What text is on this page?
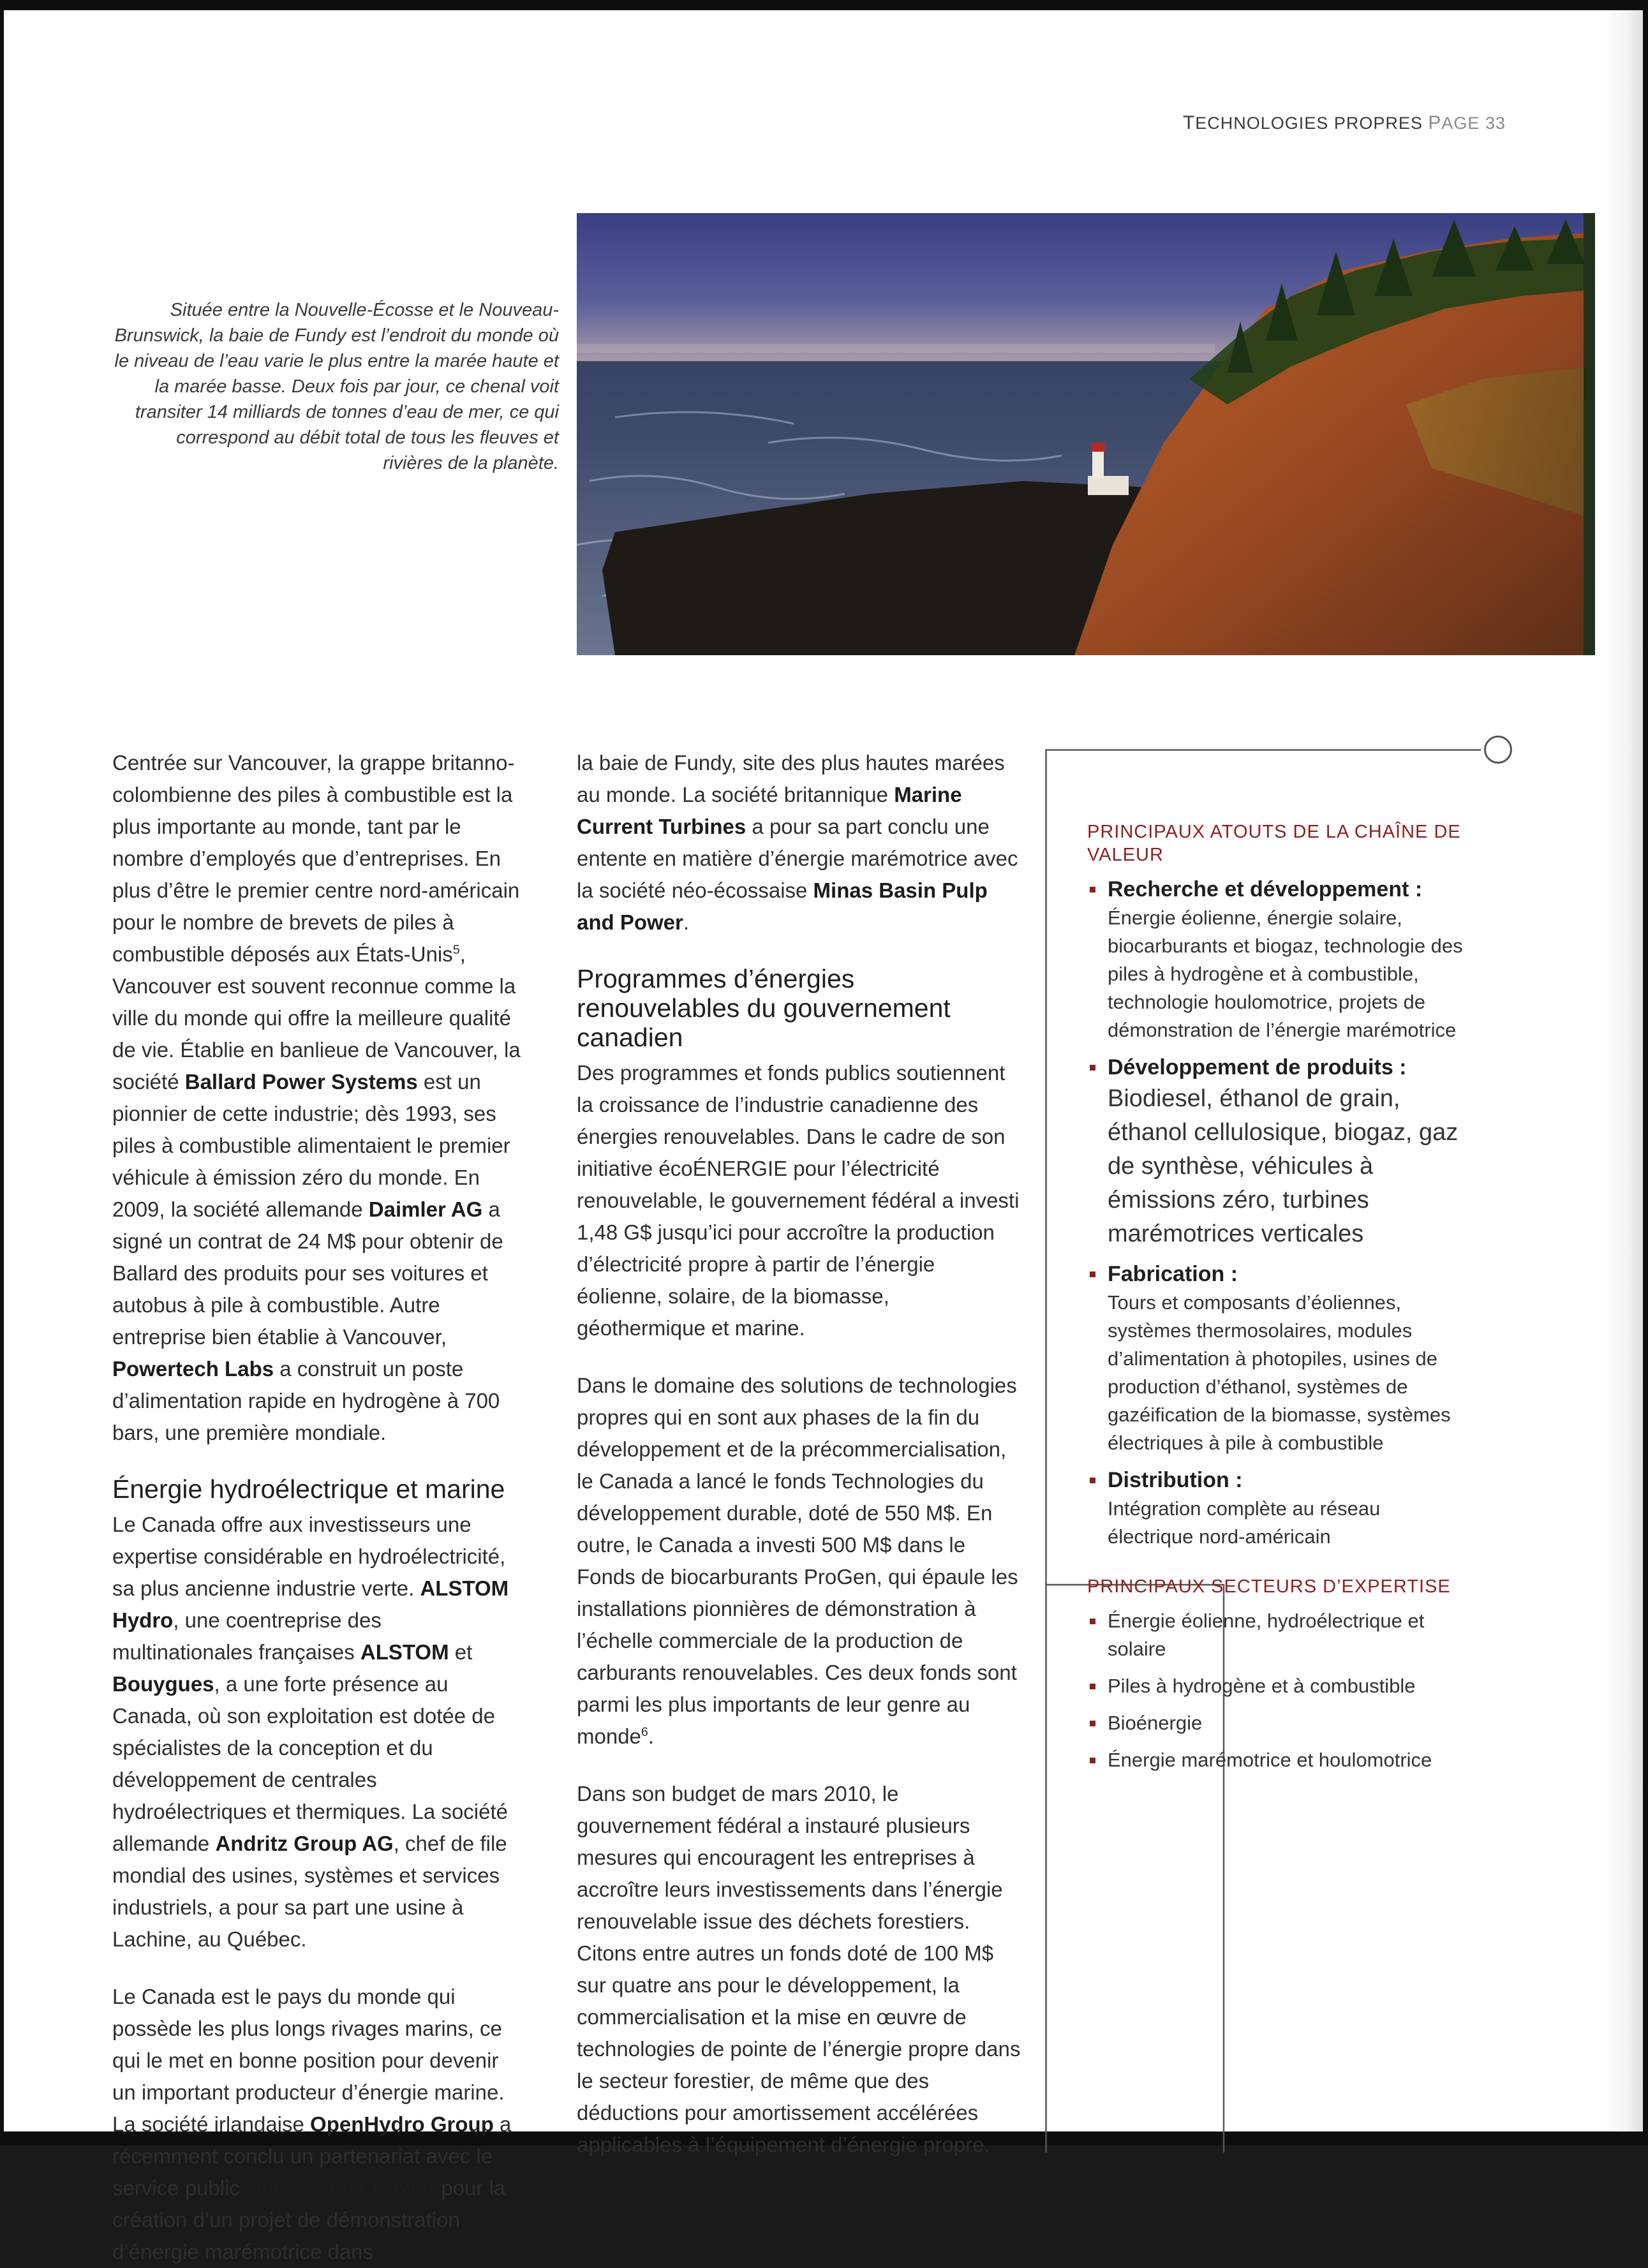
TECHNOLOGIES PROPRES PAGE 33
Située entre la Nouvelle-Écosse et le Nouveau-Brunswick, la baie de Fundy est l’endroit du monde où le niveau de l’eau varie le plus entre la marée haute et la marée basse. Deux fois par jour, ce chenal voit transiter 14 milliards de tonnes d’eau de mer, ce qui correspond au débit total de tous les fleuves et rivières de la planète.

Centrée sur Vancouver, la grappe britanno-colombienne des piles à combustible est la plus importante au monde, tant par le nombre d’employés que d’entreprises. En plus d’être le premier centre nord-américain pour le nombre de brevets de piles à combustible déposés aux États-Unis$^5$, Vancouver est souvent reconnue comme la ville du monde qui offre la meilleure qualité de vie. Établie en banlieue de Vancouver, la société Ballard Power Systems est un pionnier de cette industrie; dès 1993, ses piles à combustible alimentaient le premier véhicule à émission zéro du monde. En 2009, la société allemande Daimler AG a signé un contrat de 24 M$ pour obtenir de Ballard des produits pour ses voitures et autobus à pile à combustible. Autre entreprise bien établie à Vancouver, Powertech Labs a construit un poste d’alimentation rapide en hydrogène à 700 bars, une première mondiale.

Énergie hydroélectrique et marine

Le Canada offre aux investisseurs une expertise considérable en hydroélectricité, sa plus ancienne industrie verte. ALSTOM Hydro, une coentreprise des multinationales françaises ALSTOM et Bouygues, a une forte présence au Canada, où son exploitation est dotée de spécialistes de la conception et du développement de centrales hydroélectriques et thermiques. La société allemande Andritz Group AG, chef de file mondial des usines, systèmes et services industriels, a pour sa part une usine à Lachine, au Québec.

Le Canada est le pays du monde qui possède les plus longs rivages marins, ce qui le met en bonne position pour devenir un important producteur d’énergie marine. La société irlandaise OpenHydro Group a récemment conclu un partenariat avec le service public Nova Scotia Power pour la création d’un projet de démonstration d’énergie marémotrice dans

la baie de Fundy, site des plus hautes marées au monde. La société britannique Marine Current Turbines a pour sa part conclu une entente en matière d’énergie marémotrice avec la société néo-écossaise Minas Basin Pulp and Power.

Programmes d’énergies renouvelables du gouvernement canadien

Des programmes et fonds publics soutiennent la croissance de l’industrie canadienne des énergies renouvelables. Dans le cadre de son initiative écoÉNERGIE pour l’électricité renouvelable, le gouvernement fédéral a investi 1,48 G$ jusqu’ici pour accroître la production d’électricité propre à partir de l’énergie éolienne, solaire, de la biomasse, géothermique et marine.

Dans le domaine des solutions de technologies propres qui en sont aux phases de la fin du développement et de la précommercialisation, le Canada a lancé le fonds Technologies du développement durable, doté de 550 M$. En outre, le Canada a investi 500 M$ dans le Fonds de biocarburants ProGen, qui épaule les installations pionnières de démonstration à l’échelle commerciale de la production de carburants renouvelables. Ces deux fonds sont parmi les plus importants de leur genre au monde$^6$.

Dans son budget de mars 2010, le gouvernement fédéral a instauré plusieurs mesures qui encouragent les entreprises à accroître leurs investissements dans l’énergie renouvelable issue des déchets forestiers. Citons entre autres un fonds doté de 100 M$ sur quatre ans pour le développement, la commercialisation et la mise en œuvre de technologies de pointe de l’énergie propre dans le secteur forestier, de même que des déductions pour amortissement accélérées applicables à l’équipement d’énergie propre.

PRINCIPAUX ATOUTS DE LA CHAÎNE DE VALEUR
Recherche et développement :
Énergie éolienne, énergie solaire, biocarburants et biogaz, technologie des piles à hydrogène et à combustible, technologie houlomotrice, projets de démonstration de l’énergie marémotrice
Développement de produits :
Biodiesel, éthanol de grain, éthanol cellulosique, biogaz, gaz de synthèse, véhicules à émissions zéro, turbines marémotrices verticales
Fabrication :
Tours et composants d’éoliennes, systèmes thermosolaires, modules d’alimentation à photopiles, usines de production d’éthanol, systèmes de gazéification de la biomasse, systèmes électriques à pile à combustible
Distribution :
Intégration complète au réseau électrique nord-américain
PRINCIPAUX SECTEURS D’EXPERTISE
Énergie éolienne, hydroélectrique et solaire
Piles à hydrogène et à combustible
Bioénergie
Énergie marémotrice et houlomotrice
